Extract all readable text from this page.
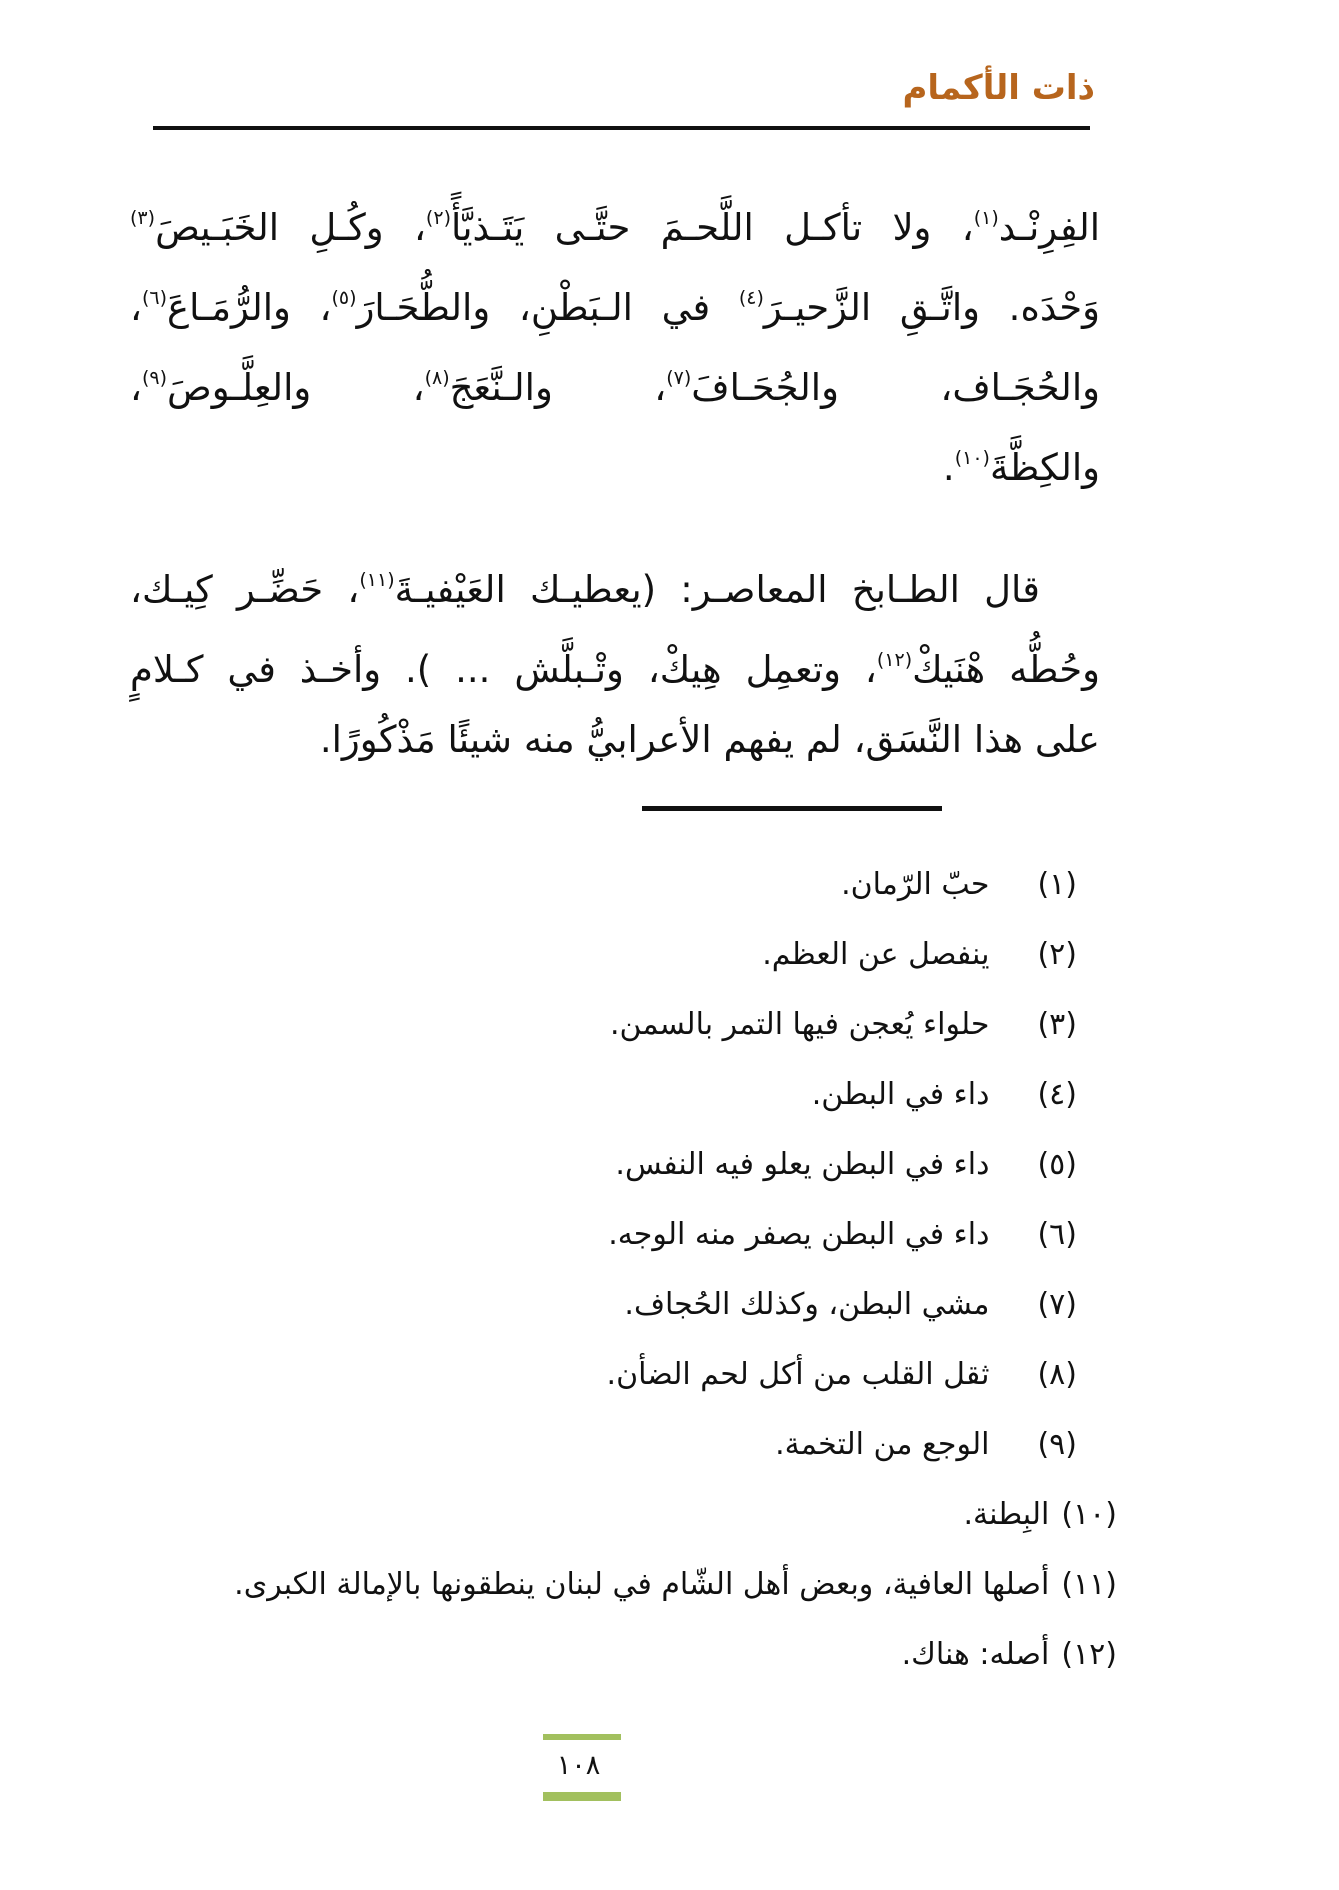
ذات الأكمام
الفِرِنْـد$^{(١)}$، ولا تأكـل اللَّحـمَ حتَّـى يَتَـذيَّأً$^{(٢)}$، وكُـلِ الخَبَـيصَ$^{(٣)}$
وَحْدَه. واتَّـقِ الزَّحيـرَ$^{(٤)}$ في الـبَطْنِ، والطُّحَـارَ$^{(٥)}$، والرُّمَـاعَ$^{(٦)}$،
والحُجَـاف، والجُحَـافَ$^{(٧)}$، والـنَّعَجَ$^{(٨)}$، والعِلَّـوصَ$^{(٩)}$،
والكِظَّةَ$^{(١٠)}$.
قال الطـابخ المعاصـر: (يعطيـك العَيْفيـةَ$^{(١١)}$، حَضِّـر كِيـك،
وحُطُّه هْنَيكْ$^{(١٢)}$، وتعمِل هِيكْ، وتْـبلَّش ... ). وأخـذ في كـلامٍ
على هذا النَّسَق، لم يفهم الأعرابيُّ منه شيئًا مَذْكُورًا.
(١)حبّ الرّمان.
(٢)ينفصل عن العظم.
(٣)حلواء يُعجن فيها التمر بالسمن.
(٤)داء في البطن.
(٥)داء في البطن يعلو فيه النفس.
(٦)داء في البطن يصفر منه الوجه.
(٧)مشي البطن، وكذلك الحُجاف.
(٨)ثقل القلب من أكل لحم الضأن.
(٩)الوجع من التخمة.
(١٠)البِطنة.
(١١)أصلها العافية، وبعض أهل الشّام في لبنان ينطقونها بالإمالة الكبرى.
(١٢)أصله: هناك.
١٠٨
